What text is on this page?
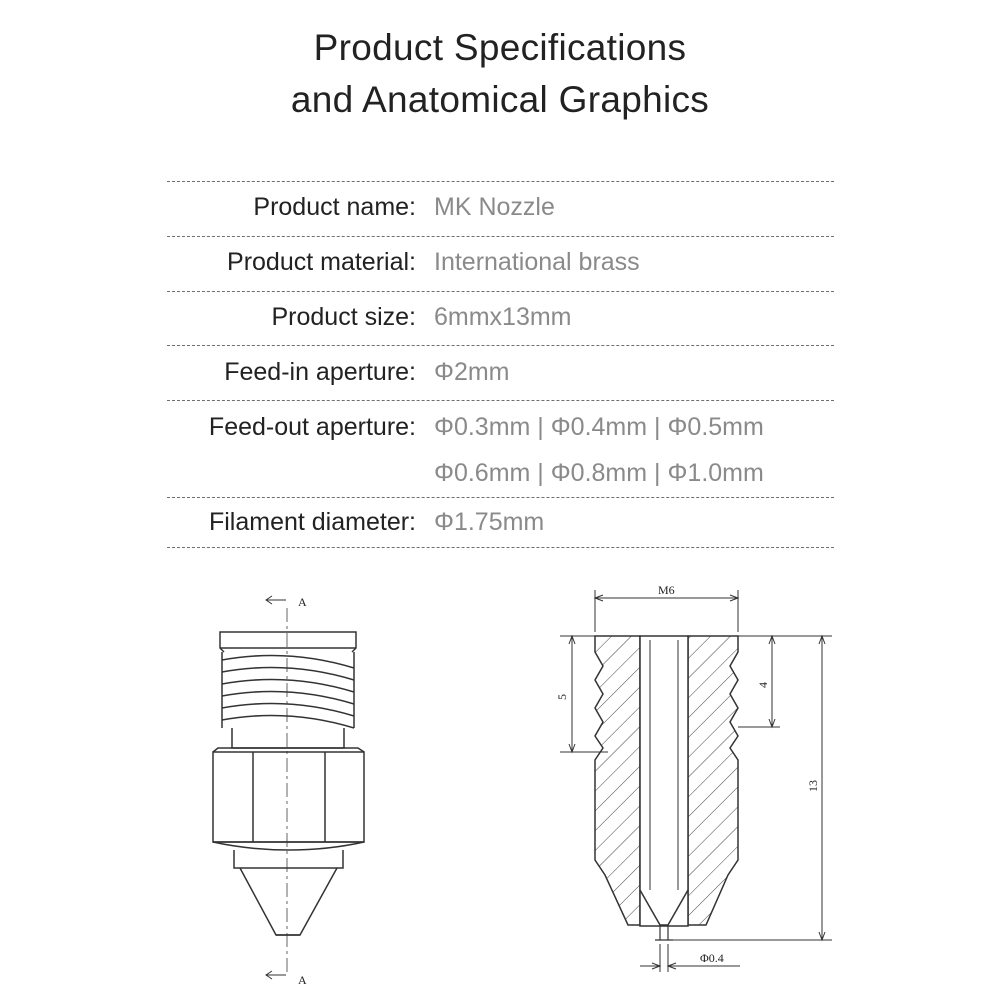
Product Specifications
and Anatomical Graphics
Product name: MK Nozzle
Product material: International brass
Product size: 6mmx13mm
Feed-in aperture: Φ2mm
Feed-out aperture: Φ0.3mm | Φ0.4mm | Φ0.5mm
Φ0.6mm | Φ0.8mm | Φ1.0mm
Filament diameter: Φ1.75mm
A
A
M6
5
4
13
Φ0.4
